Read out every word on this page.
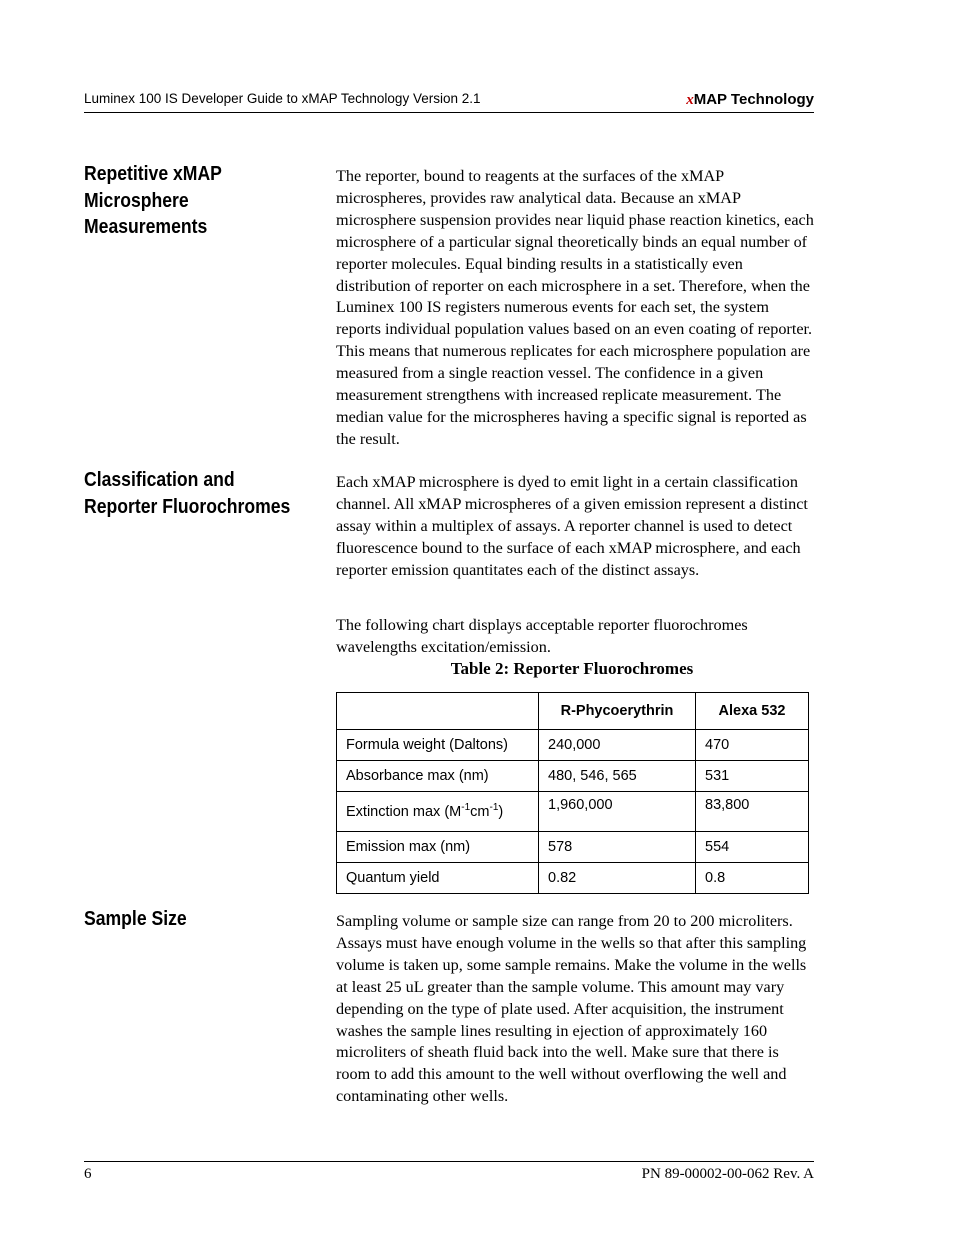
Luminex 100 IS Developer Guide to xMAP Technology Version 2.1	xMAP Technology
Repetitive xMAP
Microsphere
Measurements

The reporter, bound to reagents at the surfaces of the xMAP microspheres, provides raw analytical data. Because an xMAP microsphere suspension provides near liquid phase reaction kinetics, each microsphere of a particular signal theoretically binds an equal number of reporter molecules. Equal binding results in a statistically even distribution of reporter on each microsphere in a set. Therefore, when the Luminex 100 IS registers numerous events for each set, the system reports individual population values based on an even coating of reporter. This means that numerous replicates for each microsphere population are measured from a single reaction vessel. The confidence in a given measurement strengthens with increased replicate measurement. The median value for the microspheres having a specific signal is reported as the result.

Classification and
Reporter Fluorochromes

Each xMAP microsphere is dyed to emit light in a certain classification channel. All xMAP microspheres of a given emission represent a distinct assay within a multiplex of assays. A reporter channel is used to detect fluorescence bound to the surface of each xMAP microsphere, and each reporter emission quantitates each of the distinct assays.

The following chart displays acceptable reporter fluorochromes wavelengths excitation/emission.

Table 2: Reporter Fluorochromes
	R-Phycoerythrin	Alexa 532
Formula weight (Daltons)	240,000	470
Absorbance max (nm)	480, 546, 565	531
Extinction $\max (M^{-1}cm^{-1})$	1,960,000	83,800
Emission max (nm)	578	554
Quantum yield	0.82	0.8
Sample Size	Sampling volume or sample size can range from 20 to 200 microliters. Assays must have enough volume in the wells so that after this sampling volume is taken up, some sample remains. Make the volume in the wells at least 25 uL greater than the sample volume. This amount may vary depending on the type of plate used. After acquisition, the instrument washes the sample lines resulting in ejection of approximately 160 microliters of sheath fluid back into the well. Make sure that there is room to add this amount to the well without overflowing the well and contaminating other wells.

6	PN 89-00002-00-062 Rev. A
